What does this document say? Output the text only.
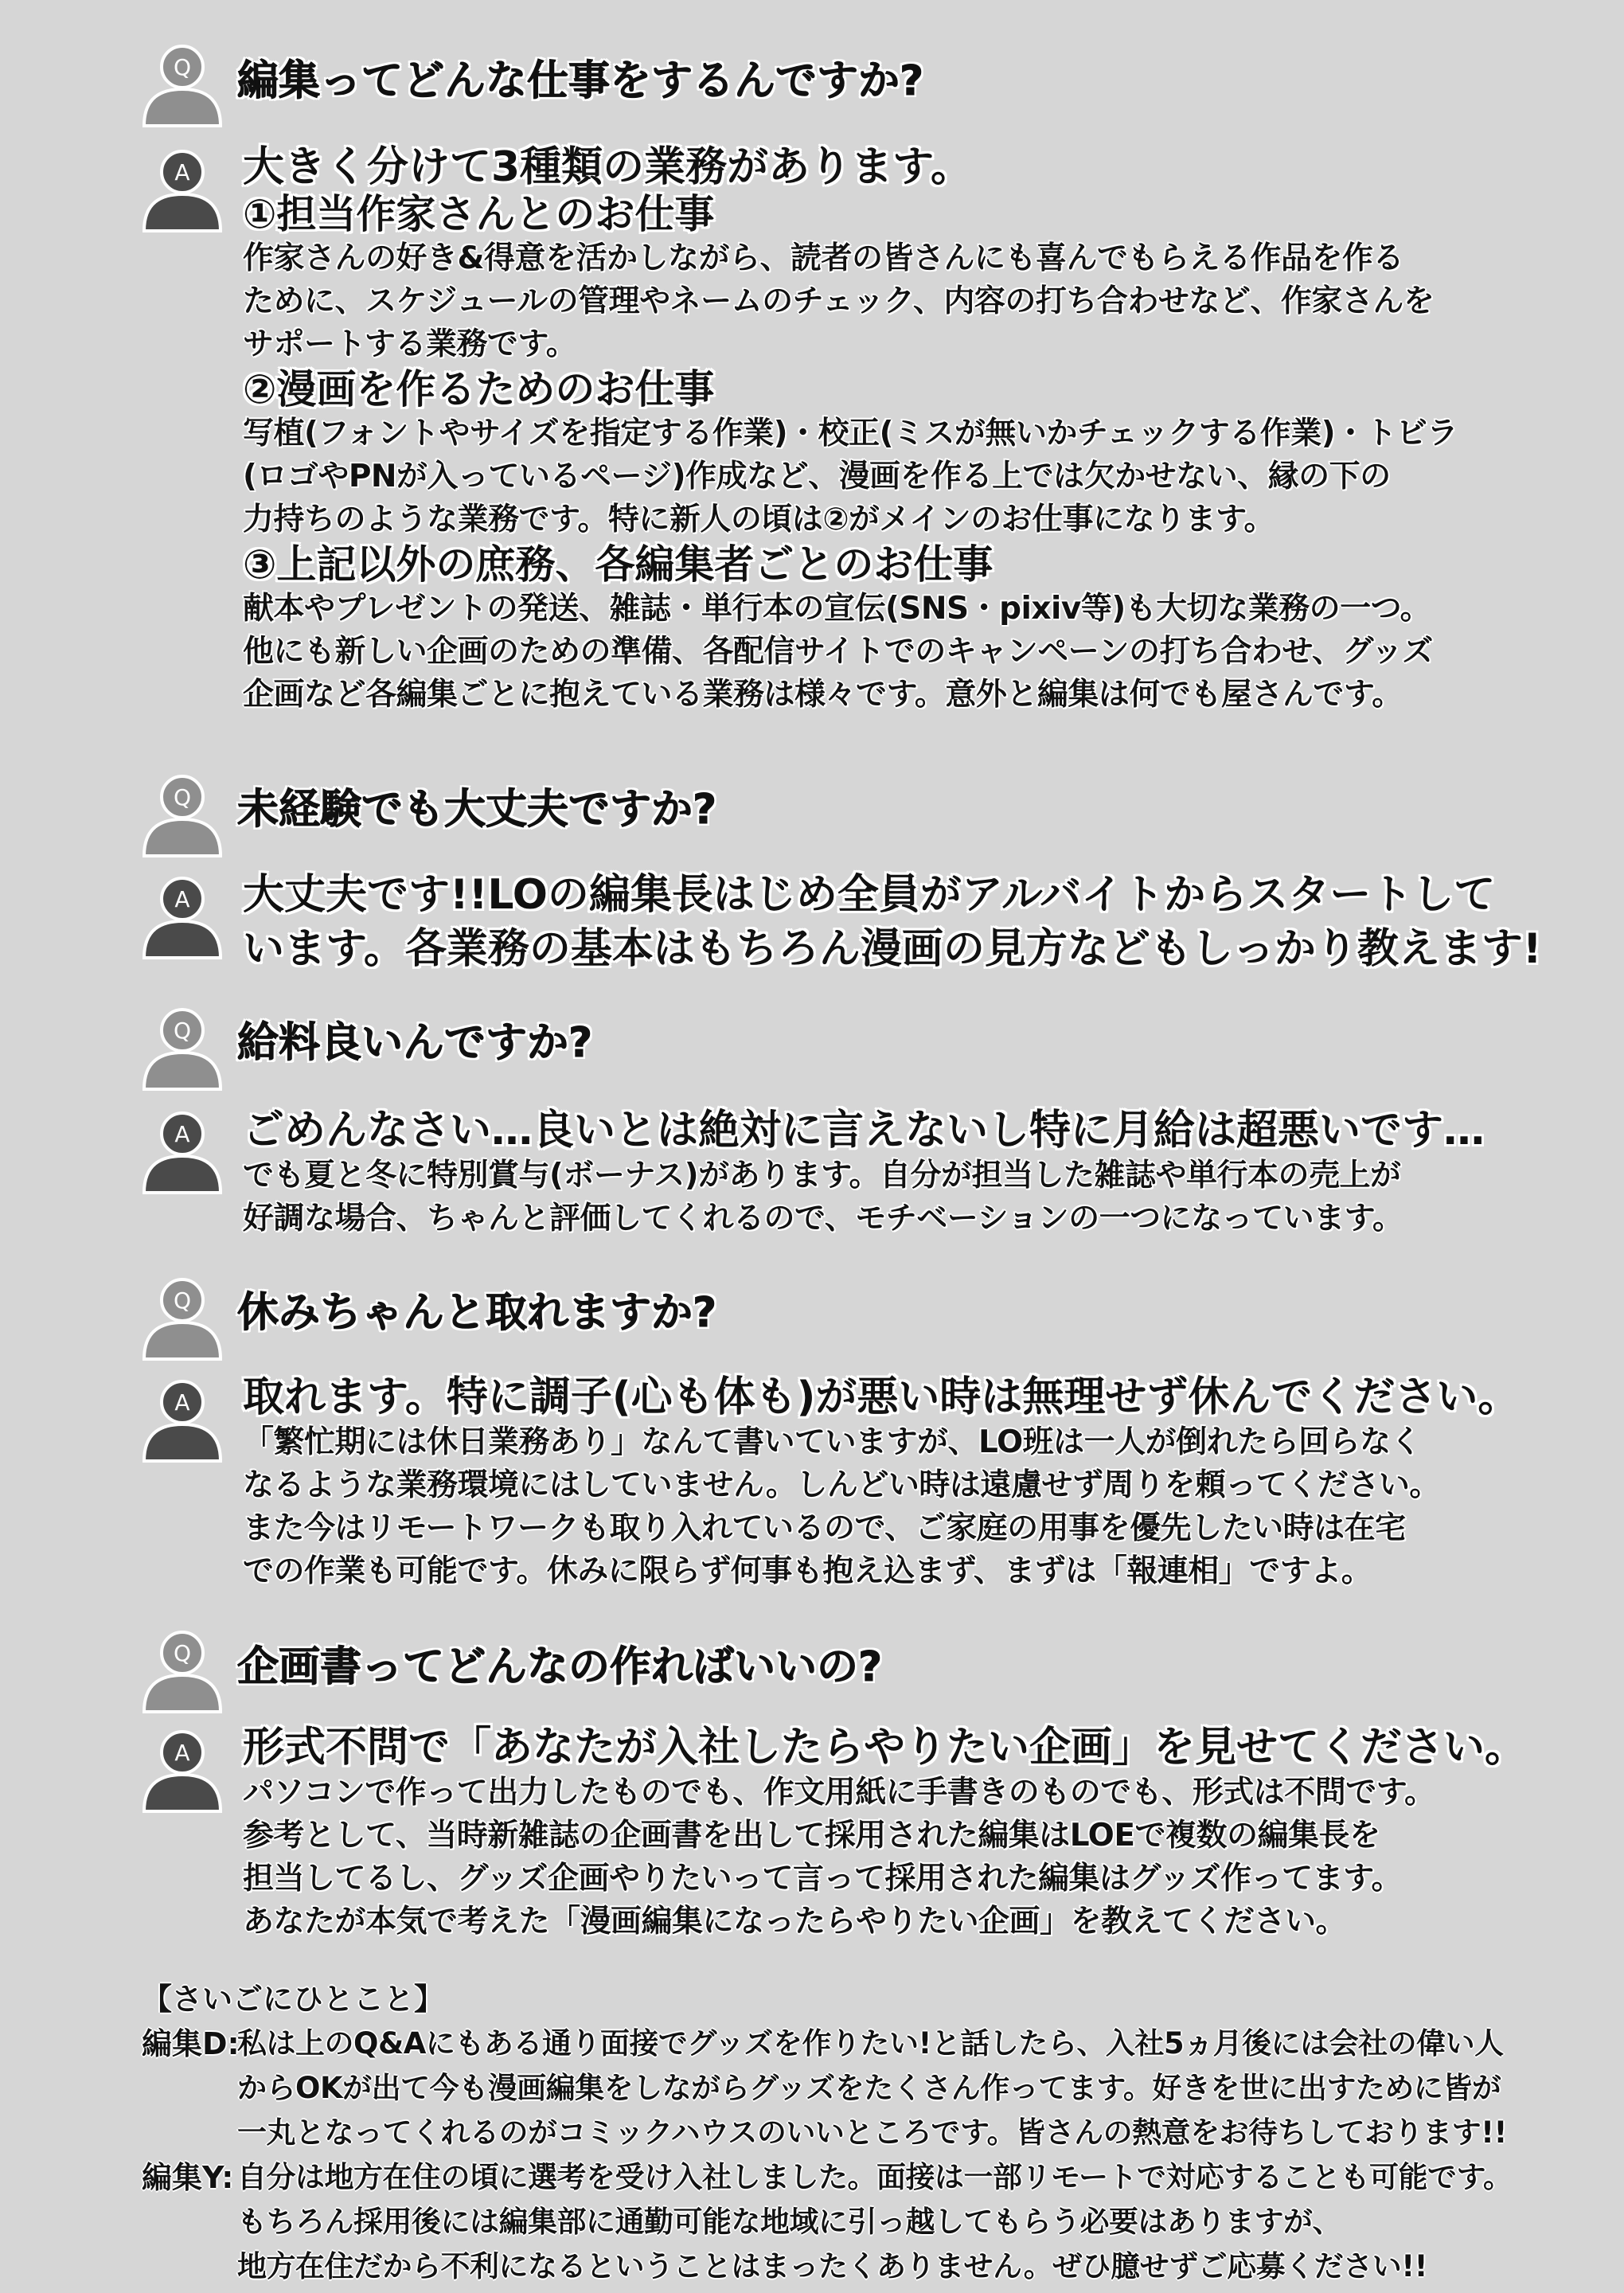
Q 編集ってどんな仕事をするんですか?
A 大きく分けて3種類の業務があります。
①担当作家さんとのお仕事
作家さんの好き&得意を活かしながら、読者の皆さんにも喜んでもらえる作品を作る
ために、スケジュールの管理やネームのチェック、内容の打ち合わせなど、作家さんを
サポートする業務です。
②漫画を作るためのお仕事
写植(フォントやサイズを指定する作業)・校正(ミスが無いかチェックする作業)・トビラ
(ロゴやPNが入っているページ)作成など、漫画を作る上では欠かせない、縁の下の
力持ちのような業務です。特に新人の頃は②がメインのお仕事になります。
③上記以外の庶務、各編集者ごとのお仕事
献本やプレゼントの発送、雑誌・単行本の宣伝(SNS・pixiv等)も大切な業務の一つ。
他にも新しい企画のための準備、各配信サイトでのキャンペーンの打ち合わせ、グッズ
企画など各編集ごとに抱えている業務は様々です。意外と編集は何でも屋さんです。
Q 未経験でも大丈夫ですか?
A 大丈夫です!!LOの編集長はじめ全員がアルバイトからスタートして
います。各業務の基本はもちろん漫画の見方などもしっかり教えます!
Q 給料良いんですか?
A ごめんなさい…良いとは絶対に言えないし特に月給は超悪いです…
でも夏と冬に特別賞与(ボーナス)があります。自分が担当した雑誌や単行本の売上が
好調な場合、ちゃんと評価してくれるので、モチベーションの一つになっています。
Q 休みちゃんと取れますか?
A 取れます。特に調子(心も体も)が悪い時は無理せず休んでください。
「繁忙期には休日業務あり」なんて書いていますが、LO班は一人が倒れたら回らなく
なるような業務環境にはしていません。しんどい時は遠慮せず周りを頼ってください。
また今はリモートワークも取り入れているので、ご家庭の用事を優先したい時は在宅
での作業も可能です。休みに限らず何事も抱え込まず、まずは「報連相」ですよ。
Q 企画書ってどんなの作ればいいの?
A 形式不問で「あなたが入社したらやりたい企画」を見せてください。
パソコンで作って出力したものでも、作文用紙に手書きのものでも、形式は不問です。
参考として、当時新雑誌の企画書を出して採用された編集はLOEで複数の編集長を
担当してるし、グッズ企画やりたいって言って採用された編集はグッズ作ってます。
あなたが本気で考えた「漫画編集になったらやりたい企画」を教えてください。
【さいごにひとこと】
編集D:
私は上のQ&Aにもある通り面接でグッズを作りたい!と話したら、入社5ヵ月後には会社の偉い人
からOKが出て今も漫画編集をしながらグッズをたくさん作ってます。好きを世に出すために皆が
一丸となってくれるのがコミックハウスのいいところです。皆さんの熱意をお待ちしております!!
編集Y: 自分は地方在住の頃に選考を受け入社しました。面接は一部リモートで対応することも可能です。
もちろん採用後には編集部に通勤可能な地域に引っ越してもらう必要はありますが、
地方在住だから不利になるということはまったくありません。ぜひ臆せずご応募ください!!
